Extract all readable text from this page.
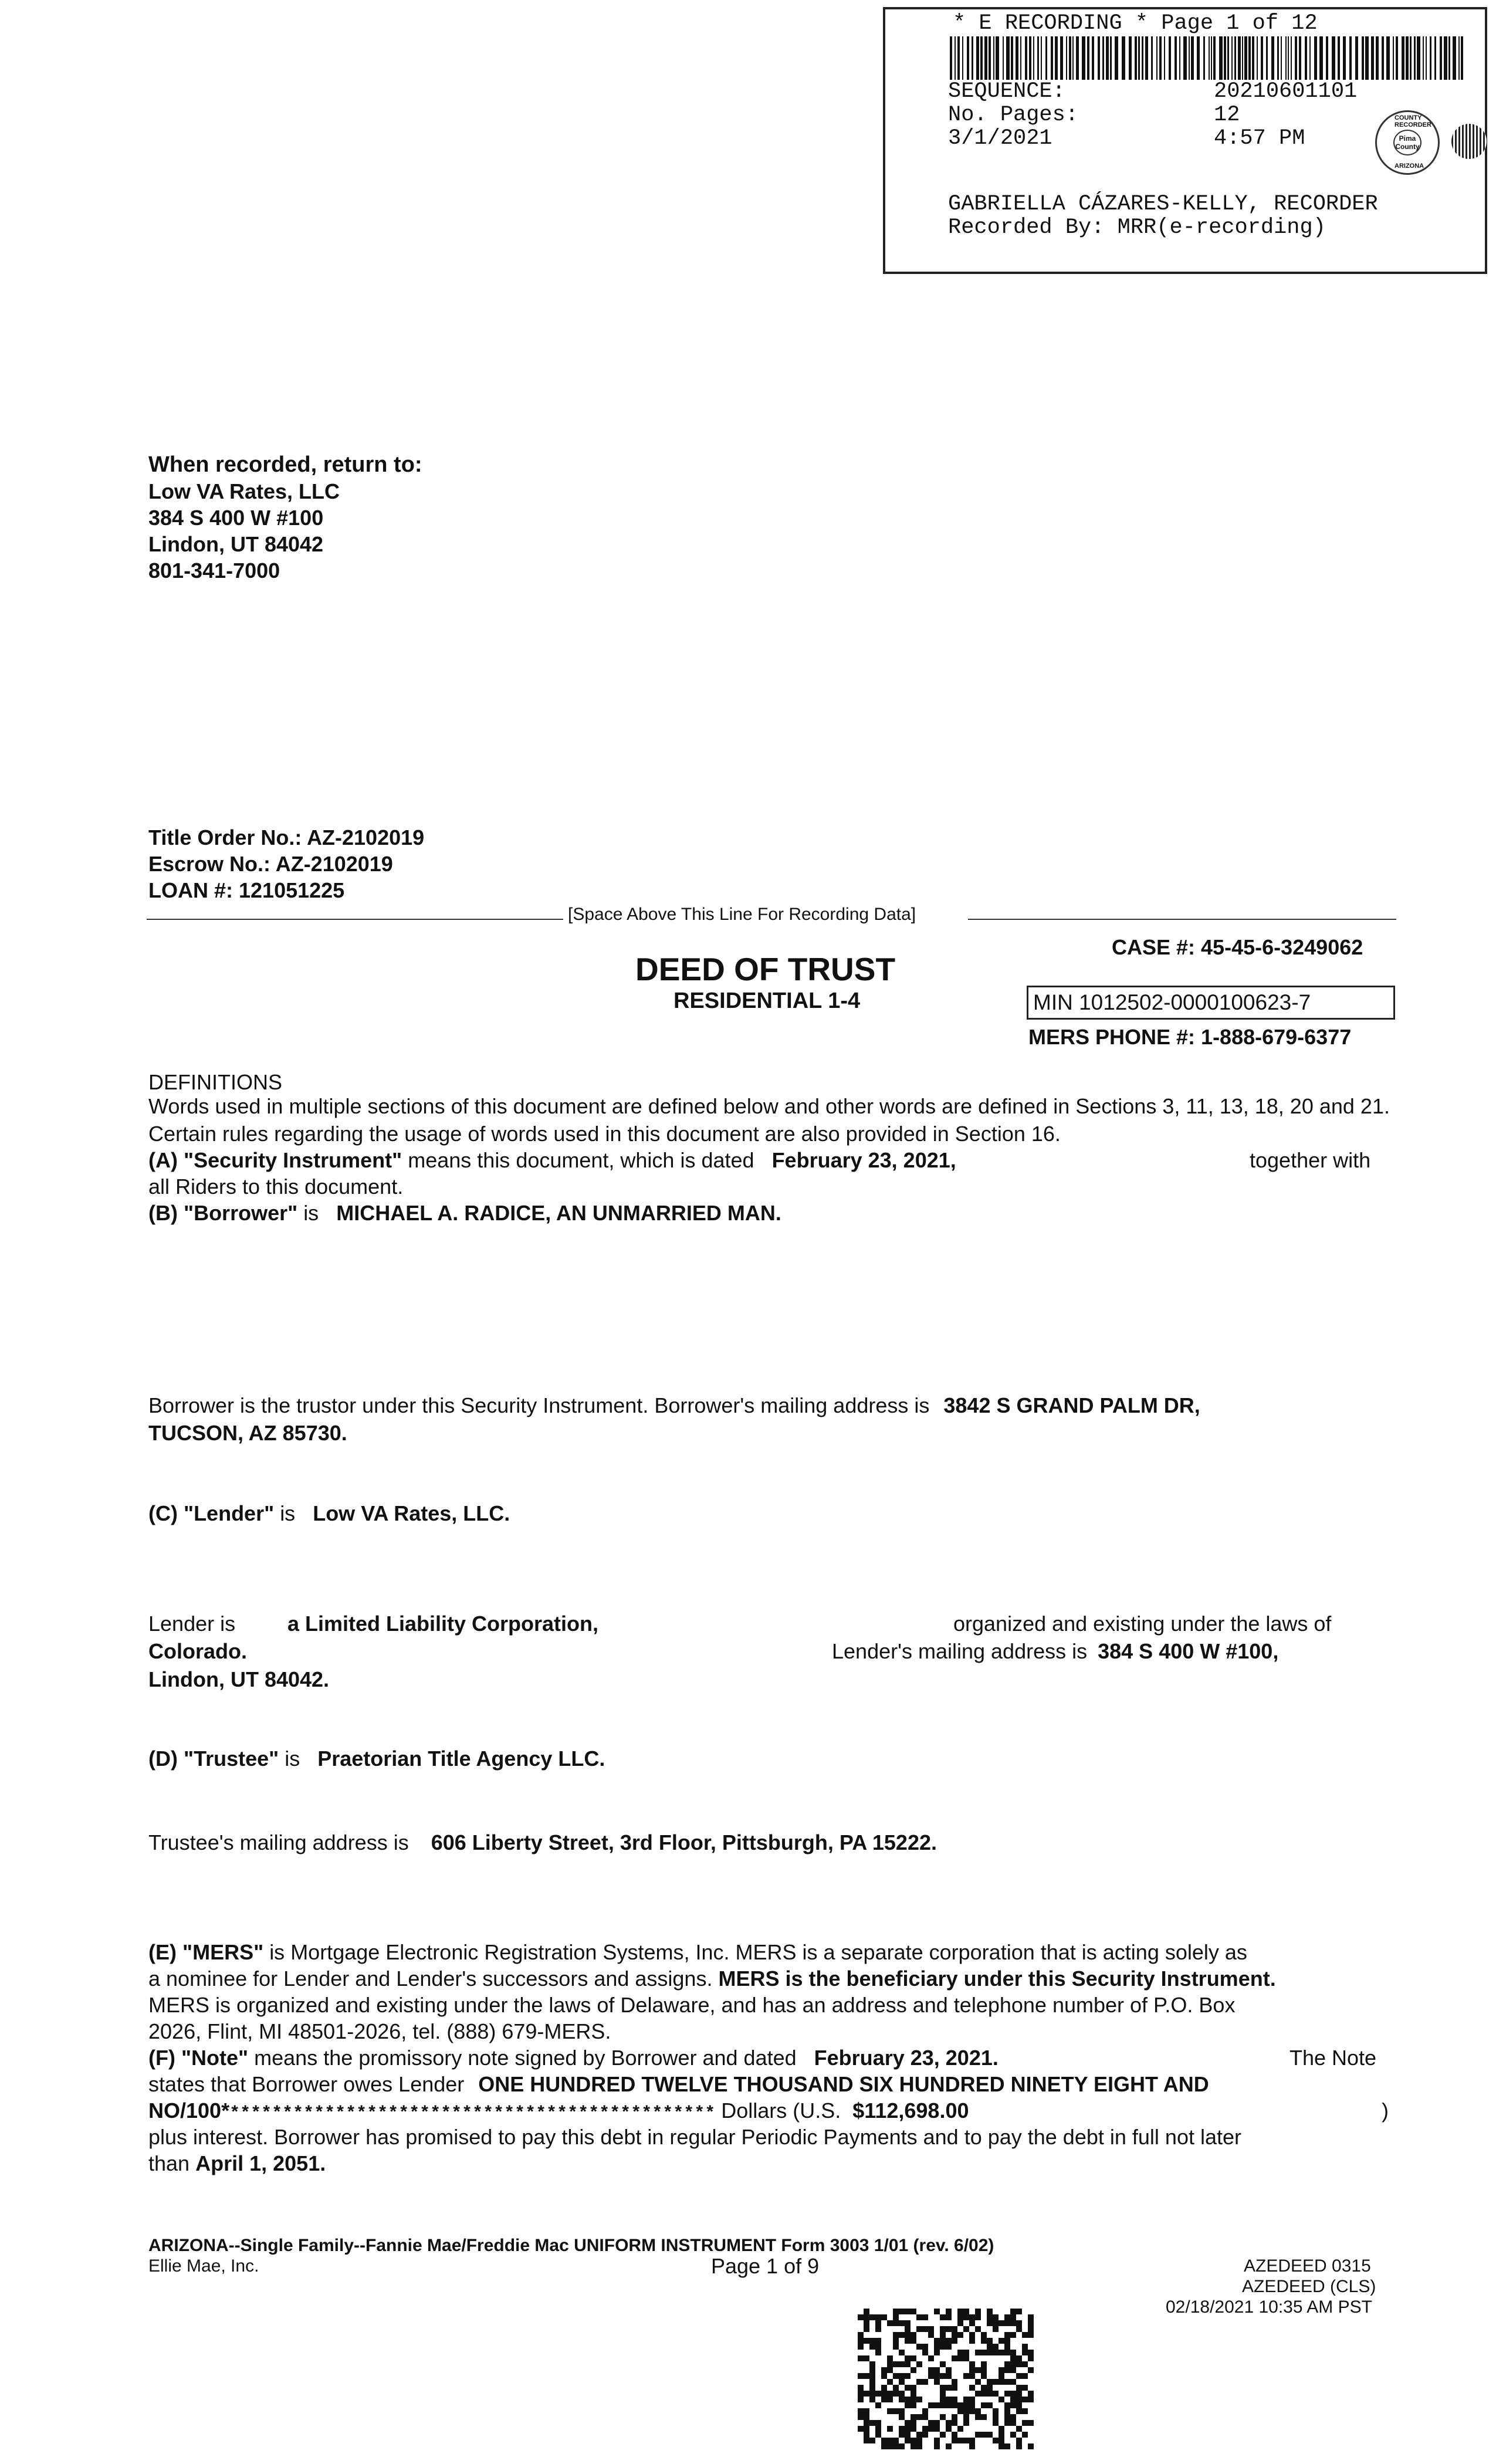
* E RECORDING * Page 1 of 12
SEQUENCE:	20210601101
No. Pages:	12
3/1/2021	4:57 PM
COUNTY RECORDER
Pima County
ARIZONA
GABRIELLA CÁZARES-KELLY, RECORDER
Recorded By: MRR(e-recording)
When recorded, return to:
Low VA Rates, LLC
384 S 400 W #100
Lindon, UT 84042
801-341-7000
Title Order No.: AZ-2102019
Escrow No.: AZ-2102019
LOAN #: 121051225
[Space Above This Line For Recording Data]
CASE #: 45-45-6-3249062
DEED OF TRUST
RESIDENTIAL 1-4	MIN 1012502-0000100623-7
MERS PHONE #: 1-888-679-6377
DEFINITIONS
Words used in multiple sections of this document are defined below and other words are defined in Sections 3, 11, 13, 18, 20 and 21. Certain rules regarding the usage of words used in this document are also provided in Section 16.
(A) "Security Instrument" means this document, which is dated February 23, 2021,	together with
all Riders to this document.
(B) "Borrower" is MICHAEL A. RADICE, AN UNMARRIED MAN.
Borrower is the trustor under this Security Instrument. Borrower's mailing address is 3842 S GRAND PALM DR,
TUCSON, AZ 85730.
(C) "Lender" is Low VA Rates, LLC.
Lender is a Limited Liability Corporation,	organized and existing under the laws of
Colorado.	Lender's mailing address is 384 S 400 W #100,
Lindon, UT 84042.
(D) "Trustee" is Praetorian Title Agency LLC.
Trustee's mailing address is 606 Liberty Street, 3rd Floor, Pittsburgh, PA 15222.
(E) "MERS" is Mortgage Electronic Registration Systems, Inc. MERS is a separate corporation that is acting solely as
a nominee for Lender and Lender's successors and assigns. MERS is the beneficiary under this Security Instrument.
MERS is organized and existing under the laws of Delaware, and has an address and telephone number of P.O. Box
2026, Flint, MI 48501-2026, tel. (888) 679-MERS.
(F) "Note" means the promissory note signed by Borrower and dated February 23, 2021.	The Note
states that Borrower owes Lender ONE HUNDRED TWELVE THOUSAND SIX HUNDRED NINETY EIGHT AND
NO/100*********************************************** Dollars (U.S. $112,698.00	)
plus interest. Borrower has promised to pay this debt in regular Periodic Payments and to pay the debt in full not later
than April 1, 2051.
ARIZONA--Single Family--Fannie Mae/Freddie Mac UNIFORM INSTRUMENT Form 3003 1/01 (rev. 6/02)
Ellie Mae, Inc.	Page 1 of 9	AZEDEED 0315
AZEDEED (CLS)
02/18/2021 10:35 AM PST
